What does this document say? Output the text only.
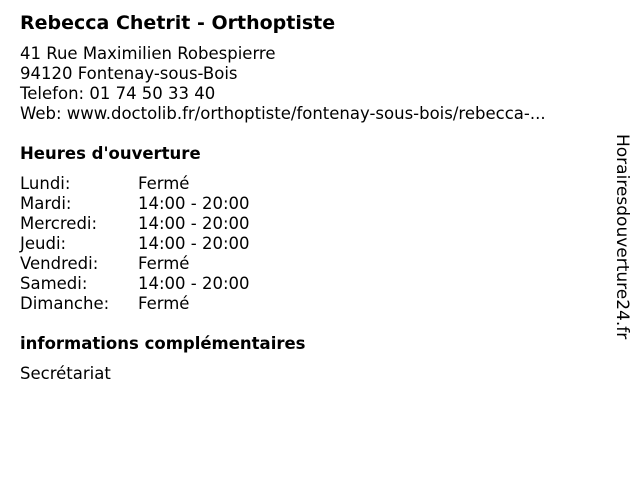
Rebecca Chetrit - Orthoptiste
41 Rue Maximilien Robespierre
94120 Fontenay-sous-Bois
Telefon: 01 74 50 33 40
Web: www.doctolib.fr/orthoptiste/fontenay-sous-bois/rebecca-...
Heures d'ouverture
Lundi:	Fermé
Mardi:	14:00 - 20:00
Mercredi: 14:00 - 20:00
Jeudi:	14:00 - 20:00
Vendredi: Fermé
Samedi:	14:00 - 20:00
Dimanche: Fermé
informations complémentaires
Secrétariat
Horairesdouverture24.fr
